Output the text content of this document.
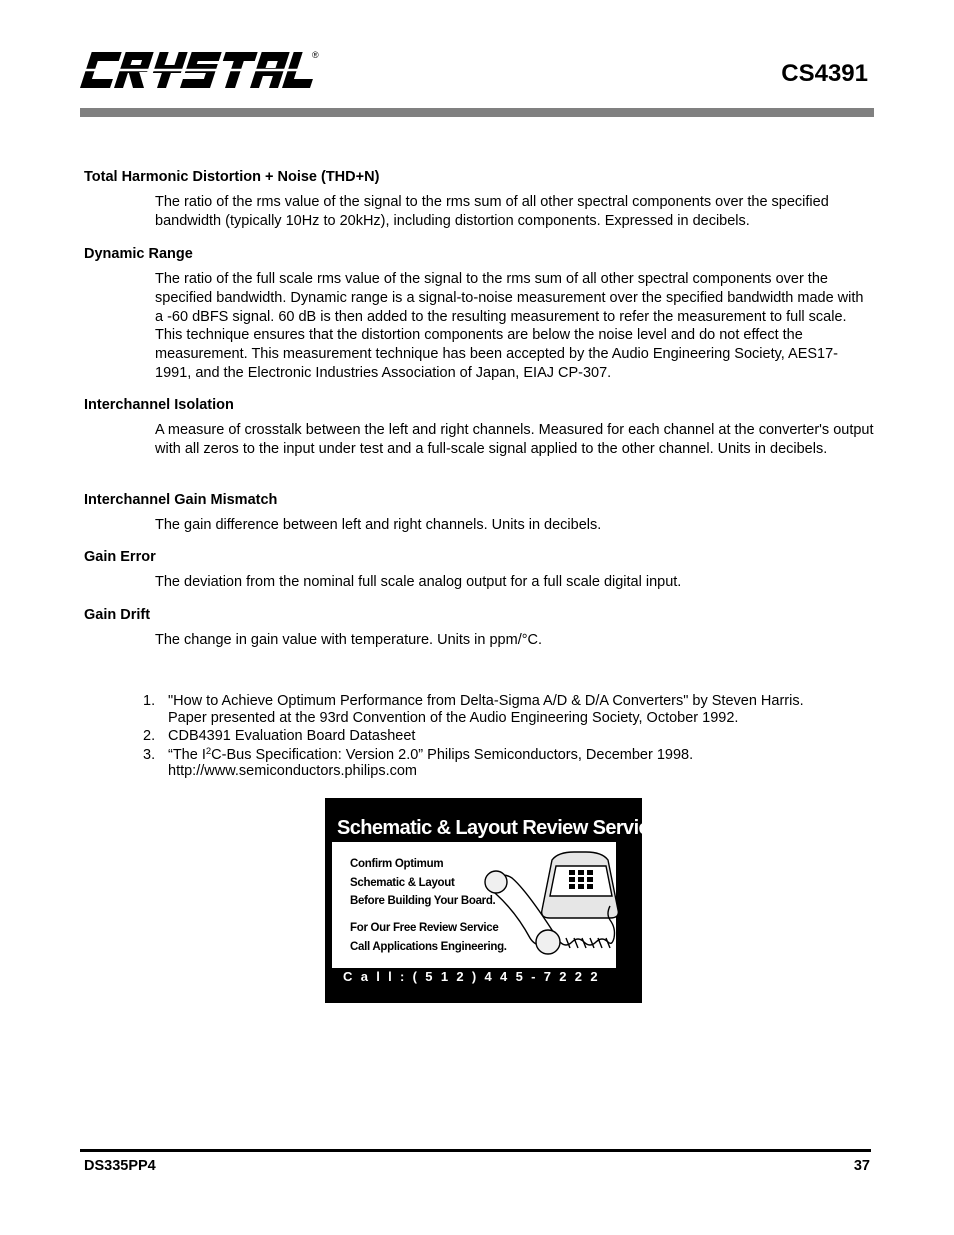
®
CS4391
Total Harmonic Distortion + Noise (THD+N)
The ratio of the rms value of the signal to the rms sum of all other spectral components over the specified bandwidth (typically 10Hz to 20kHz), including distortion components. Expressed in decibels.
Dynamic Range
The ratio of the full scale rms value of the signal to the rms sum of all other spectral components over the specified bandwidth. Dynamic range is a signal-to-noise measurement over the specified bandwidth made with a -60 dBFS signal. 60 dB is then added to the resulting measurement to refer the measurement to full scale. This technique ensures that the distortion components are below the noise level and do not effect the measurement. This measurement technique has been accepted by the Audio Engineering Society, AES17-1991, and the Electronic Industries Association of Japan, EIAJ CP-307.
Interchannel Isolation
A measure of crosstalk between the left and right channels. Measured for each channel at the converter's output with all zeros to the input under test and a full-scale signal applied to the other channel. Units in decibels.
Interchannel Gain Mismatch
The gain difference between left and right channels. Units in decibels.
Gain Error
The deviation from the nominal full scale analog output for a full scale digital input.
Gain Drift
The change in gain value with temperature. Units in ppm/°C.
1. "How to Achieve Optimum Performance from Delta-Sigma A/D & D/A Converters" by Steven Harris.
Paper presented at the 93rd Convention of the Audio Engineering Society, October 1992.
2. CDB4391 Evaluation Board Datasheet
3. “The $I^2C$-Bus Specification: Version 2.0” Philips Semiconductors, December 1998.
http://www.semiconductors.philips.com
Schematic & Layout Review Service
Confirm Optimum
Schematic & Layout
Before Building Your Board.
For Our Free Review Service
Call Applications Engineering.
Call:(512)445-7222
DS335PP4	37
